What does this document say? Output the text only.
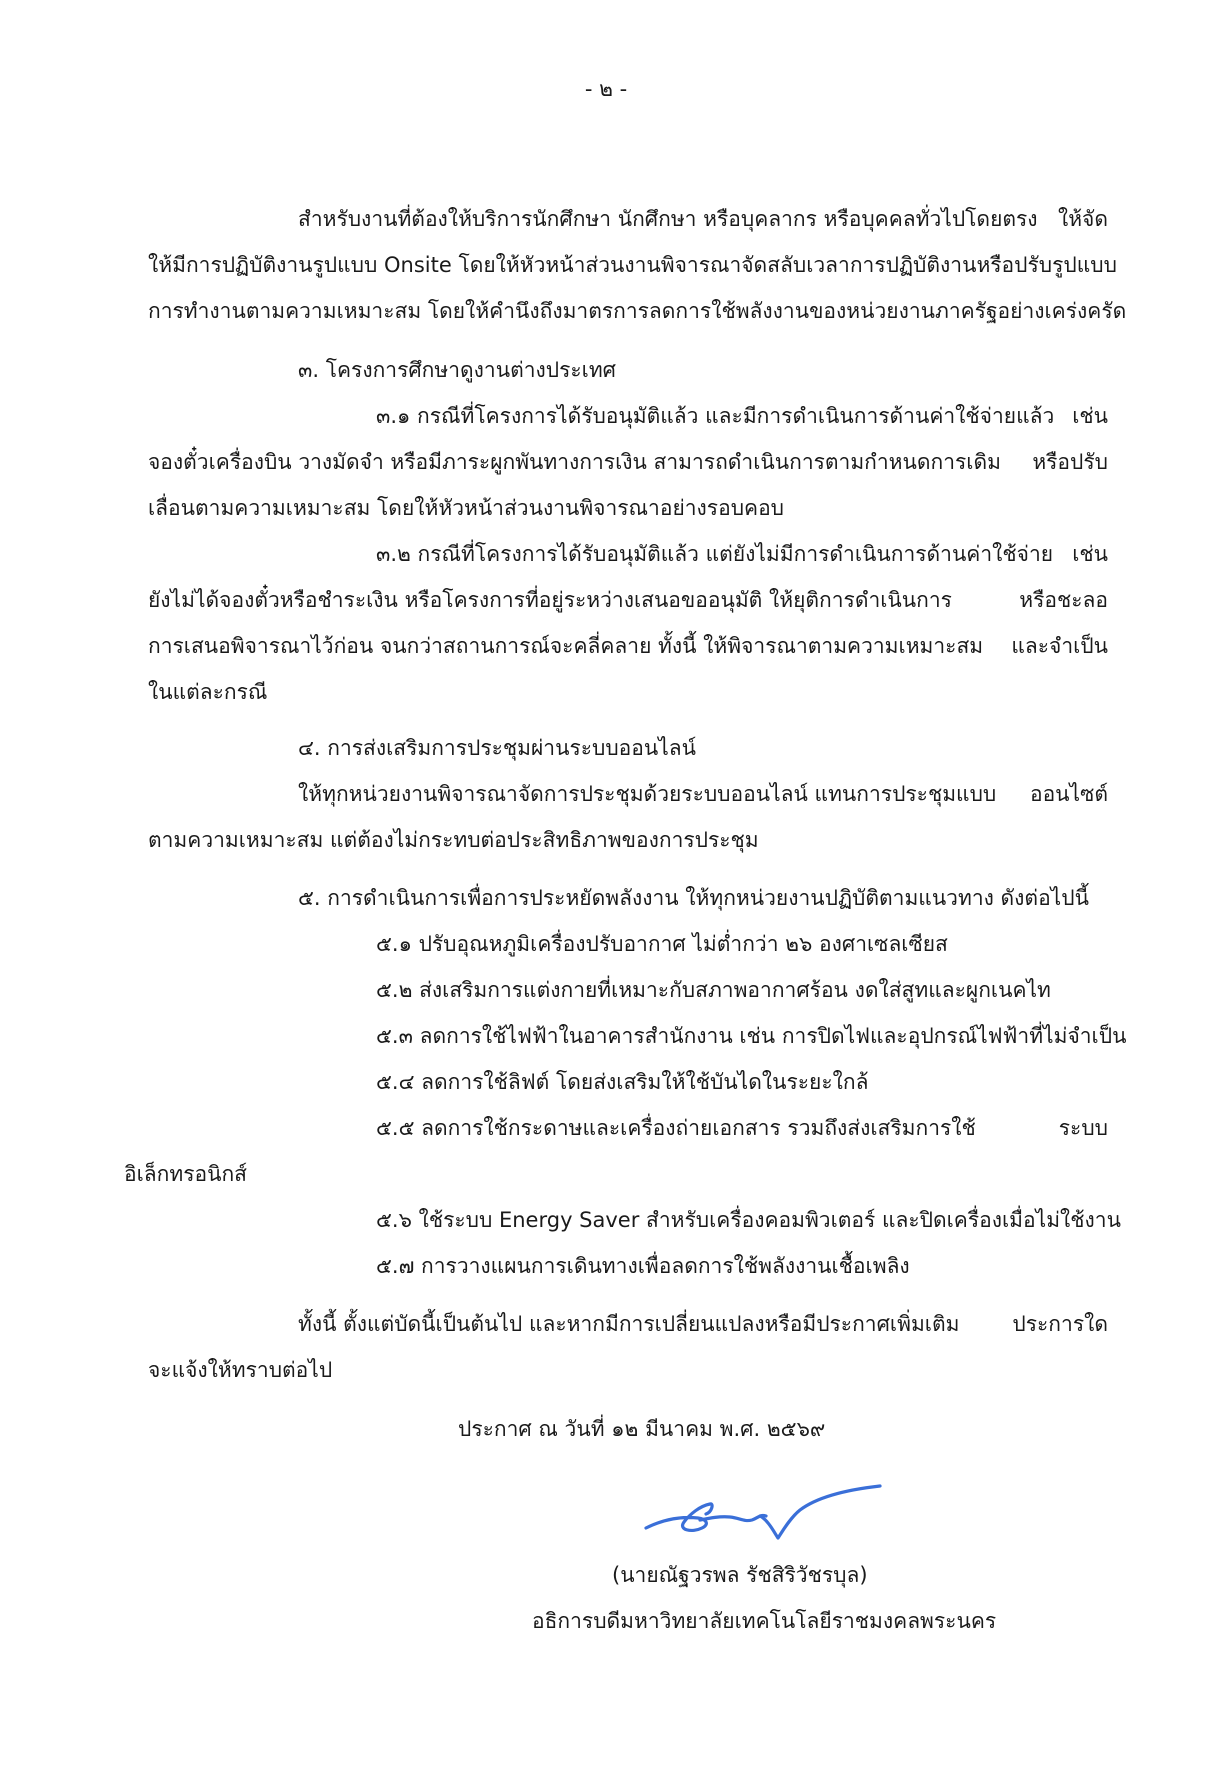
- ๒ -
สำหรับงานที่ต้องให้บริการนักศึกษา นักศึกษา หรือบุคลากร หรือบุคคลทั่วไปโดยตรง ให้จัด
ให้มีการปฏิบัติงานรูปแบบ Onsite โดยให้หัวหน้าส่วนงานพิจารณาจัดสลับเวลาการปฏิบัติงาน หรือปรับรูปแบบ
การทำงานตามความเหมาะสม โดยให้คำนึงถึงมาตรการลดการใช้พลังงานของหน่วยงานภาครัฐอย่างเคร่งครัด
๓. โครงการศึกษาดูงานต่างประเทศ
๓.๑ กรณีที่โครงการได้รับอนุมัติแล้ว และมีการดำเนินการด้านค่าใช้จ่ายแล้ว เช่น
จองตั๋วเครื่องบิน วางมัดจำ หรือมีภาระผูกพันทางการเงิน สามารถดำเนินการตามกำหนดการเดิม หรือปรับ
เลื่อนตามความเหมาะสม โดยให้หัวหน้าส่วนงานพิจารณาอย่างรอบคอบ
๓.๒ กรณีที่โครงการได้รับอนุมัติแล้ว แต่ยังไม่มีการดำเนินการด้านค่าใช้จ่าย เช่น
ยังไม่ได้จองตั๋วหรือชำระเงิน หรือโครงการที่อยู่ระหว่างเสนอขออนุมัติ ให้ยุติการดำเนินการ	หรือชะลอ
การเสนอพิจารณาไว้ก่อน จนกว่าสถานการณ์จะคลี่คลาย ทั้งนี้ ให้พิจารณาตามความเหมาะสม และจำเป็น
ในแต่ละกรณี
๔. การส่งเสริมการประชุมผ่านระบบออนไลน์
ให้ทุกหน่วยงานพิจารณาจัดการประชุมด้วยระบบออนไลน์ แทนการประชุมแบบ ออนไซต์
ตามความเหมาะสม แต่ต้องไม่กระทบต่อประสิทธิภาพของการประชุม
๕. การดำเนินการเพื่อการประหยัดพลังงาน ให้ทุกหน่วยงานปฏิบัติตามแนวทาง ดังต่อไปนี้
๕.๑ ปรับอุณหภูมิเครื่องปรับอากาศ ไม่ต่ำกว่า ๒๖ องศาเซลเซียส
๕.๒ ส่งเสริมการแต่งกายที่เหมาะกับสภาพอากาศร้อน งดใส่สูทและผูกเนคไท
๕.๓ ลดการใช้ไฟฟ้าในอาคารสำนักงาน เช่น การปิดไฟและอุปกรณ์ไฟฟ้าที่ไม่จำเป็น
๕.๔ ลดการใช้ลิฟต์ โดยส่งเสริมให้ใช้บันไดในระยะใกล้
๕.๕ ลดการใช้กระดาษและเครื่องถ่ายเอกสาร รวมถึงส่งเสริมการใช้	ระบบ
อิเล็กทรอนิกส์
๕.๖ ใช้ระบบ Energy Saver สำหรับเครื่องคอมพิวเตอร์ และปิดเครื่องเมื่อไม่ใช้งาน
๕.๗ การวางแผนการเดินทางเพื่อลดการใช้พลังงานเชื้อเพลิง
ทั้งนี้ ตั้งแต่บัดนี้เป็นต้นไป และหากมีการเปลี่ยนแปลงหรือมีประกาศเพิ่มเติม	ประการใด
จะแจ้งให้ทราบต่อไป
ประกาศ ณ วันที่ ๑๒ มีนาคม พ.ศ. ๒๕๖๙
(นายณัฐวรพล รัชสิริวัชรบุล)
อธิการบดีมหาวิทยาลัยเทคโนโลยีราชมงคลพระนคร
